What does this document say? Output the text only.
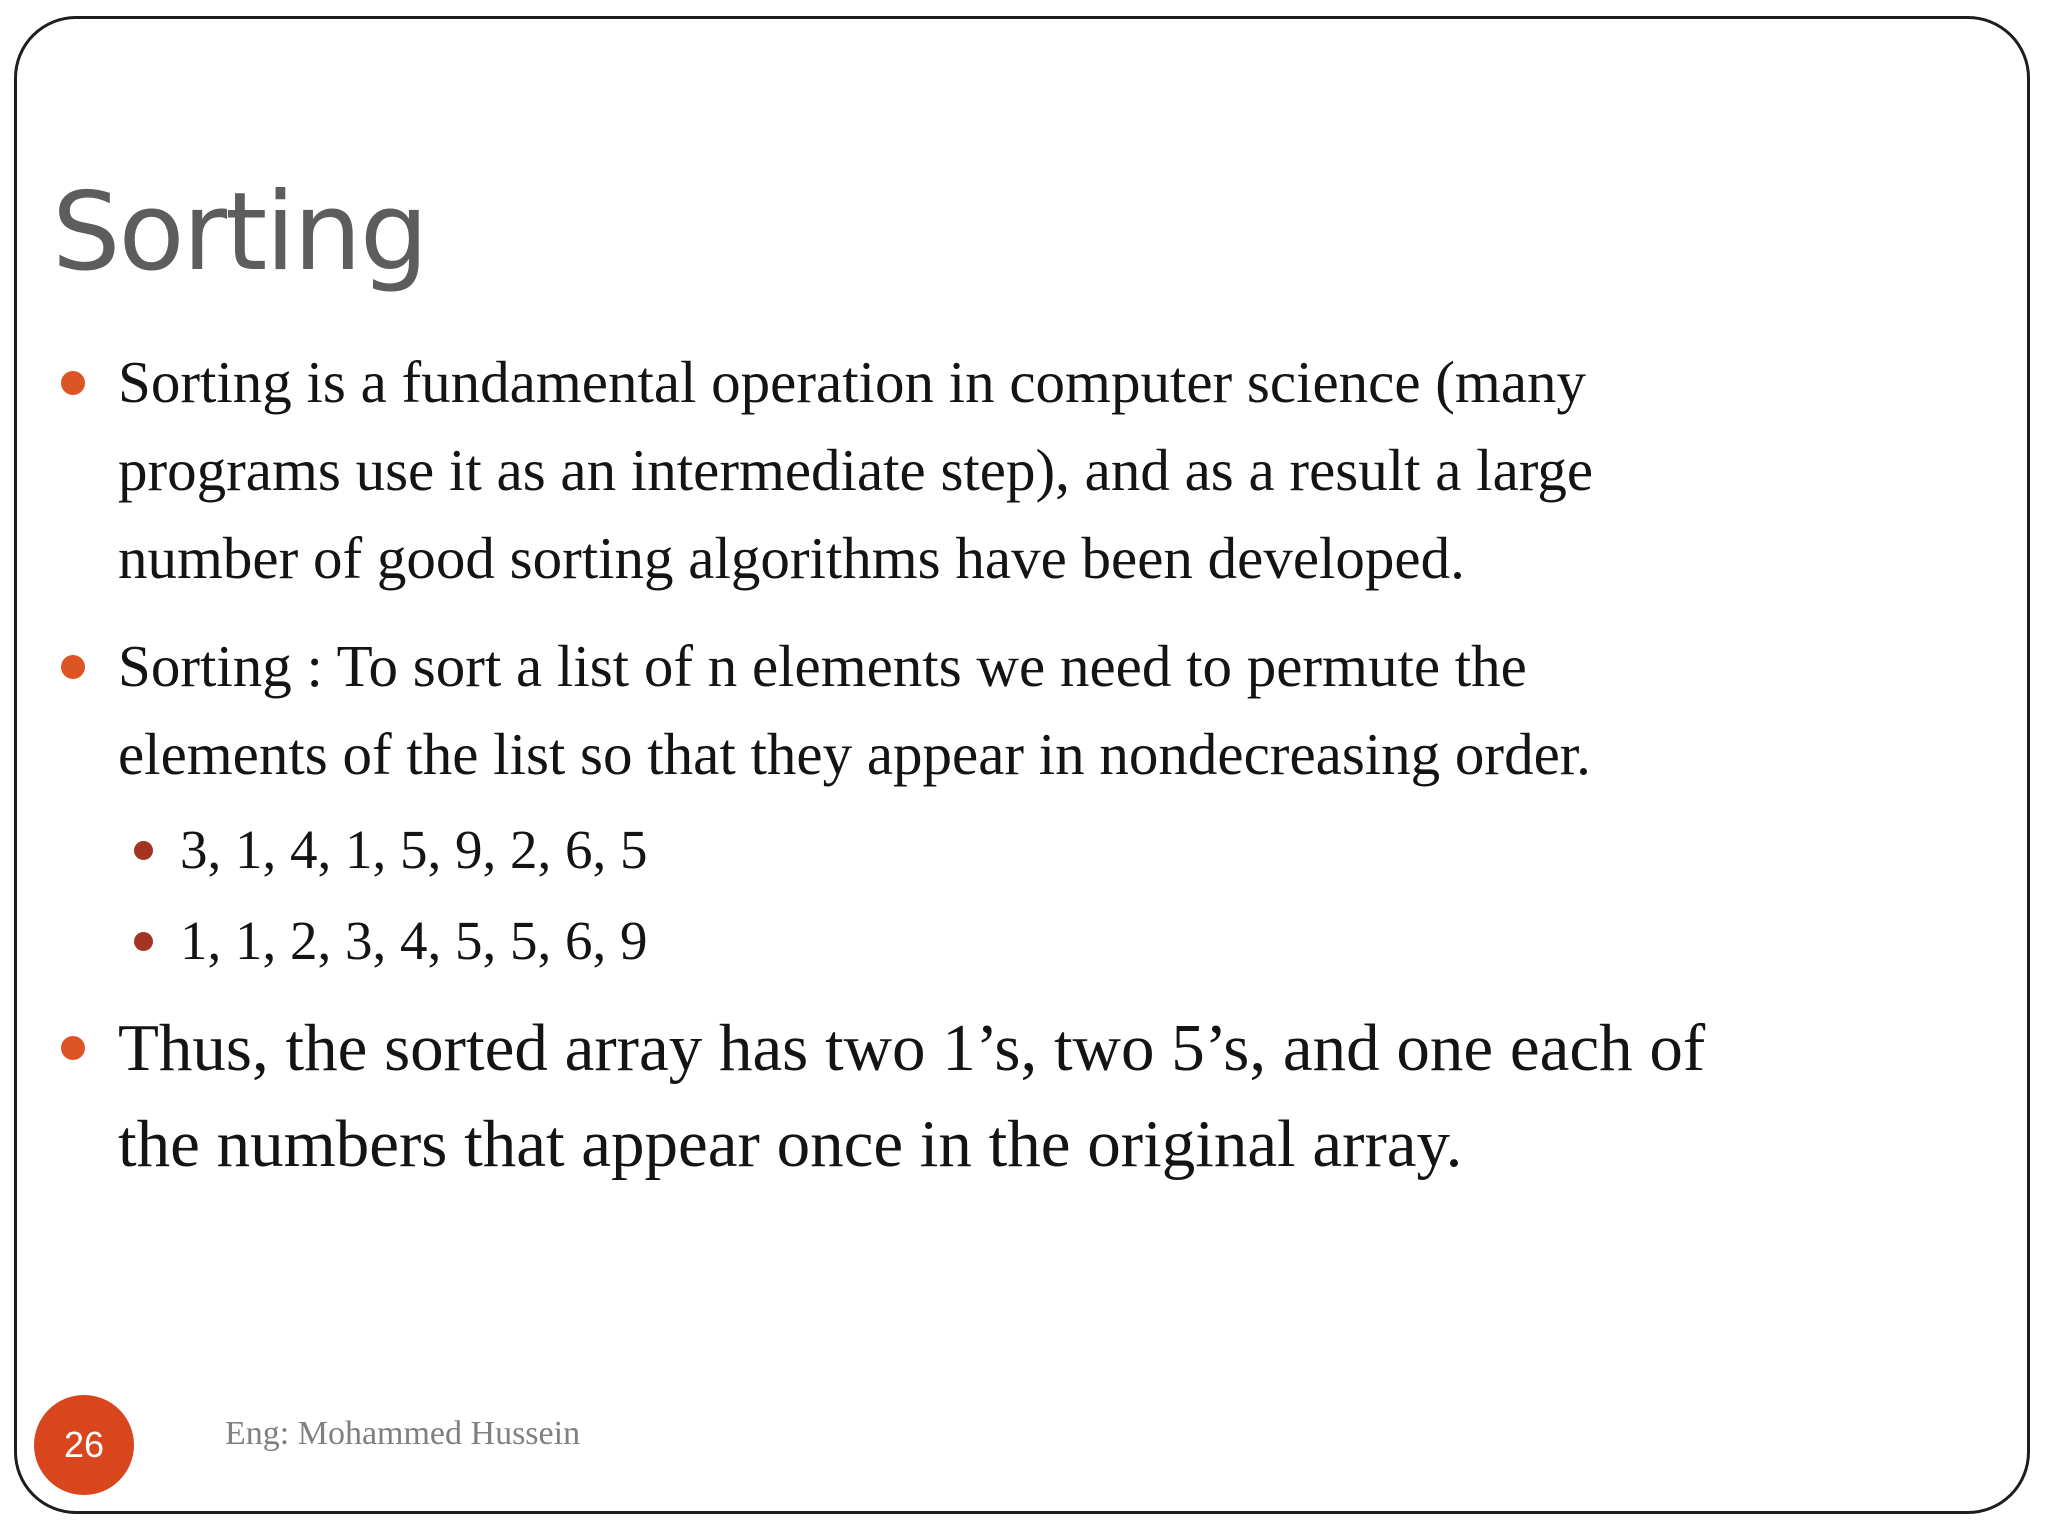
Sorting
Sorting is a fundamental operation in computer science (many
programs use it as an intermediate step), and as a result a large
number of good sorting algorithms have been developed.
Sorting : To sort a list of n elements we need to permute the
elements of the list so that they appear in nondecreasing order.
3, 1, 4, 1, 5, 9, 2, 6, 5
1, 1, 2, 3, 4, 5, 5, 6, 9
Thus, the sorted array has two 1’s, two 5’s, and one each of
the numbers that appear once in the original array.
26	Eng: Mohammed Hussein
